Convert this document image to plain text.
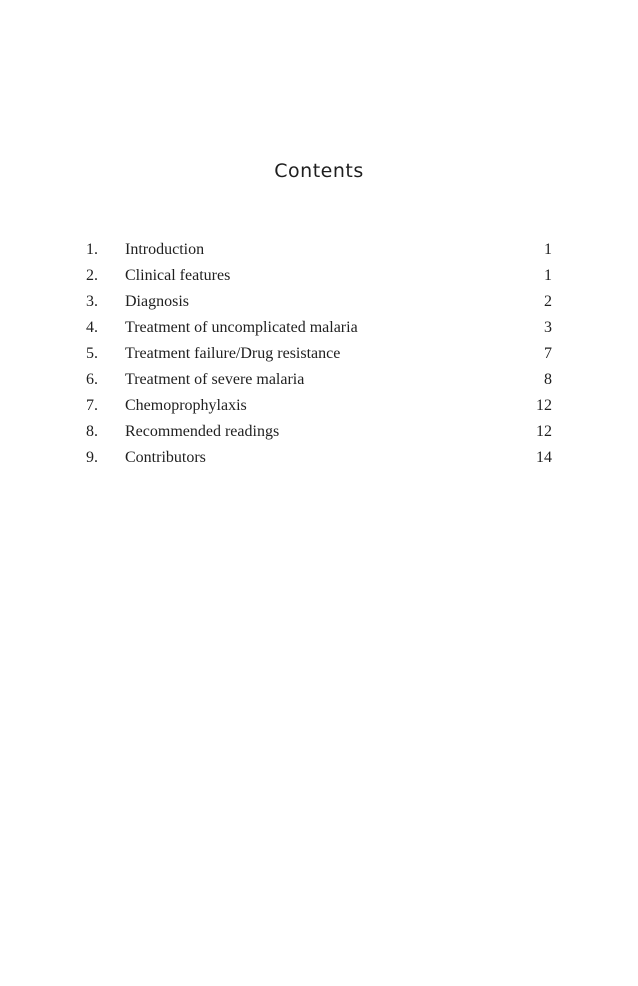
Contents
1.	Introduction	1
2.	Clinical features	1
3.	Diagnosis	2
4.	Treatment of uncomplicated malaria	3
5.	Treatment failure/Drug resistance	7
6.	Treatment of severe malaria	8
7.	Chemoprophylaxis	12
8.	Recommended readings	12
9.	Contributors	14
